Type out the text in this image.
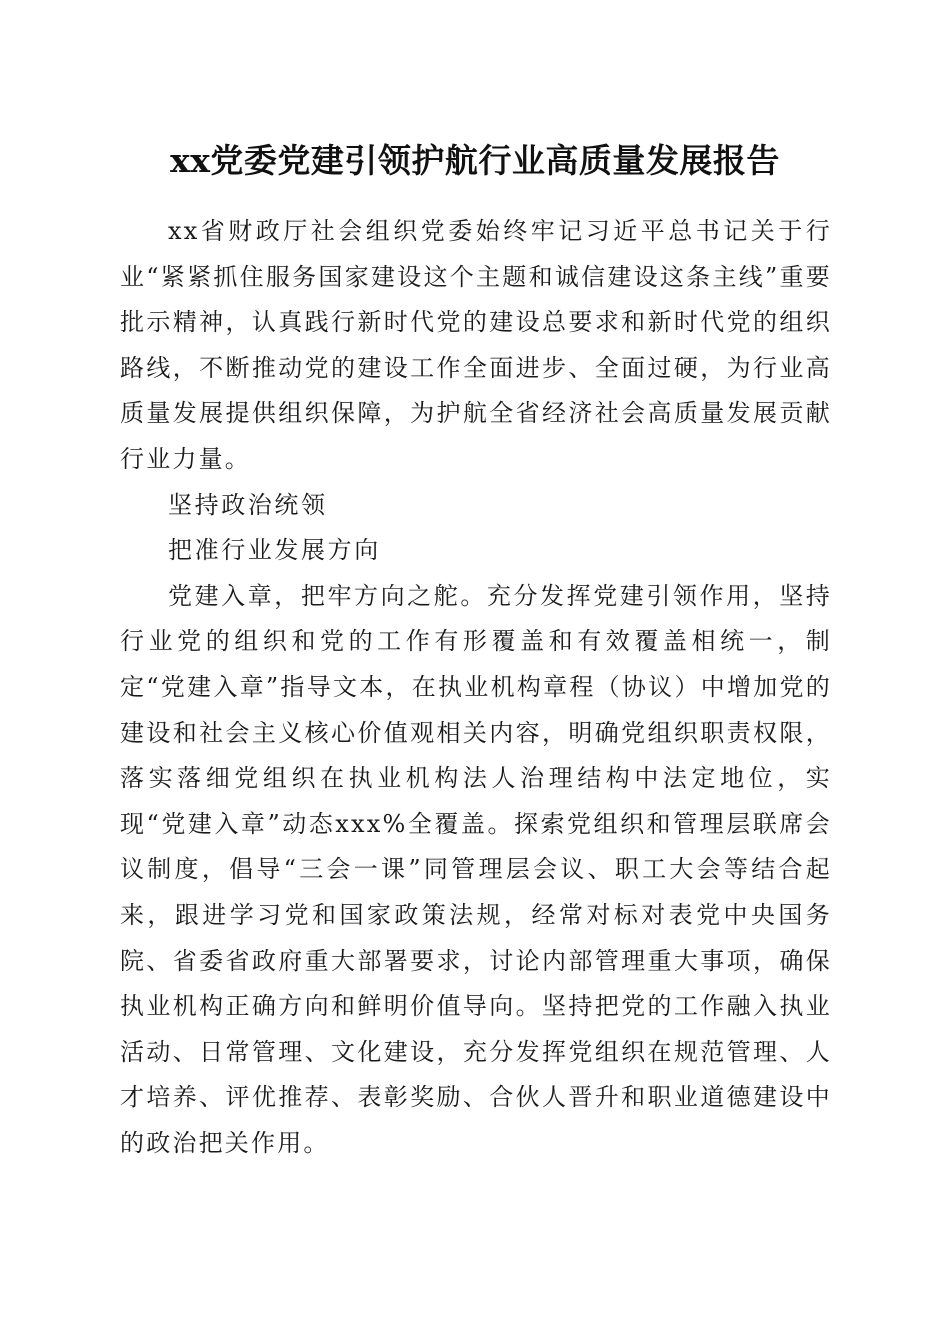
xx党委党建引领护航行业高质量发展报告

xx省财政厅社会组织党委始终牢记习近平总书记关于行业“紧紧抓住服务国家建设这个主题和诚信建设这条主线”重要批示精神，认真践行新时代党的建设总要求和新时代党的组织路线，不断推动党的建设工作全面进步、全面过硬，为行业高质量发展提供组织保障，为护航全省经济社会高质量发展贡献行业力量。

坚持政治统领

把准行业发展方向

党建入章，把牢方向之舵。充分发挥党建引领作用，坚持行业党的组织和党的工作有形覆盖和有效覆盖相统一，制定“党建入章”指导文本，在执业机构章程（协议）中增加党的建设和社会主义核心价值观相关内容，明确党组织职责权限，落实落细党组织在执业机构法人治理结构中法定地位，实现“党建入章”动态xxx%全覆盖。探索党组织和管理层联席会议制度，倡导“三会一课”同管理层会议、职工大会等结合起来，跟进学习党和国家政策法规，经常对标对表党中央国务院、省委省政府重大部署要求，讨论内部管理重大事项，确保执业机构正确方向和鲜明价值导向。坚持把党的工作融入执业活动、日常管理、文化建设，充分发挥党组织在规范管理、人才培养、评优推荐、表彰奖励、合伙人晋升和职业道德建设中的政治把关作用。
